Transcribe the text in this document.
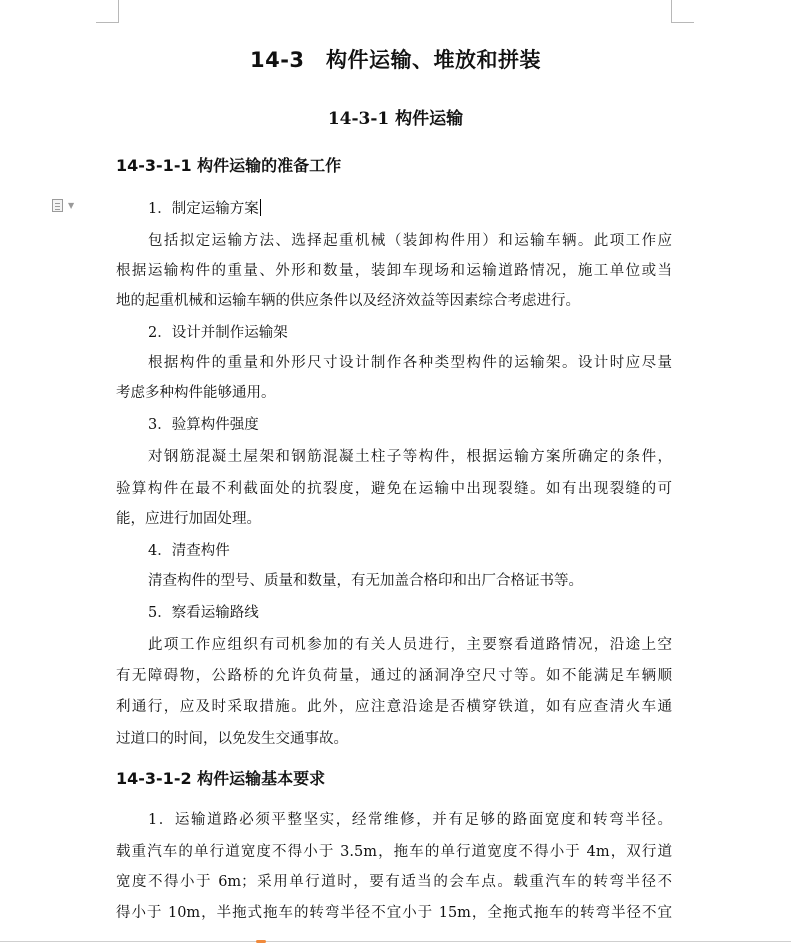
▼
14-3　构件运输、堆放和拼装
14-3-1 构件运输
14-3-1-1 构件运输的准备工作
1．制定运输方案
包括拟定运输方法、选择起重机械（装卸构件用）和运输车辆。此项工作应
根据运输构件的重量、外形和数量，装卸车现场和运输道路情况，施工单位或当
地的起重机械和运输车辆的供应条件以及经济效益等因素综合考虑进行。
2．设计并制作运输架
根据构件的重量和外形尺寸设计制作各种类型构件的运输架。设计时应尽量
考虑多种构件能够通用。
3．验算构件强度
对钢筋混凝土屋架和钢筋混凝土柱子等构件，根据运输方案所确定的条件，
验算构件在最不利截面处的抗裂度，避免在运输中出现裂缝。如有出现裂缝的可
能，应进行加固处理。
4．清查构件
清查构件的型号、质量和数量，有无加盖合格印和出厂合格证书等。
5．察看运输路线
此项工作应组织有司机参加的有关人员进行，主要察看道路情况，沿途上空
有无障碍物，公路桥的允许负荷量，通过的涵洞净空尺寸等。如不能满足车辆顺
利通行，应及时采取措施。此外，应注意沿途是否横穿铁道，如有应查清火车通
过道口的时间，以免发生交通事故。
14-3-1-2 构件运输基本要求
1．运输道路必须平整坚实，经常维修，并有足够的路面宽度和转弯半径。
载重汽车的单行道宽度不得小于 3.5m，拖车的单行道宽度不得小于 4m，双行道
宽度不得小于 6m；采用单行道时，要有适当的会车点。载重汽车的转弯半径不
得小于 10m，半拖式拖车的转弯半径不宜小于 15m，全拖式拖车的转弯半径不宜
